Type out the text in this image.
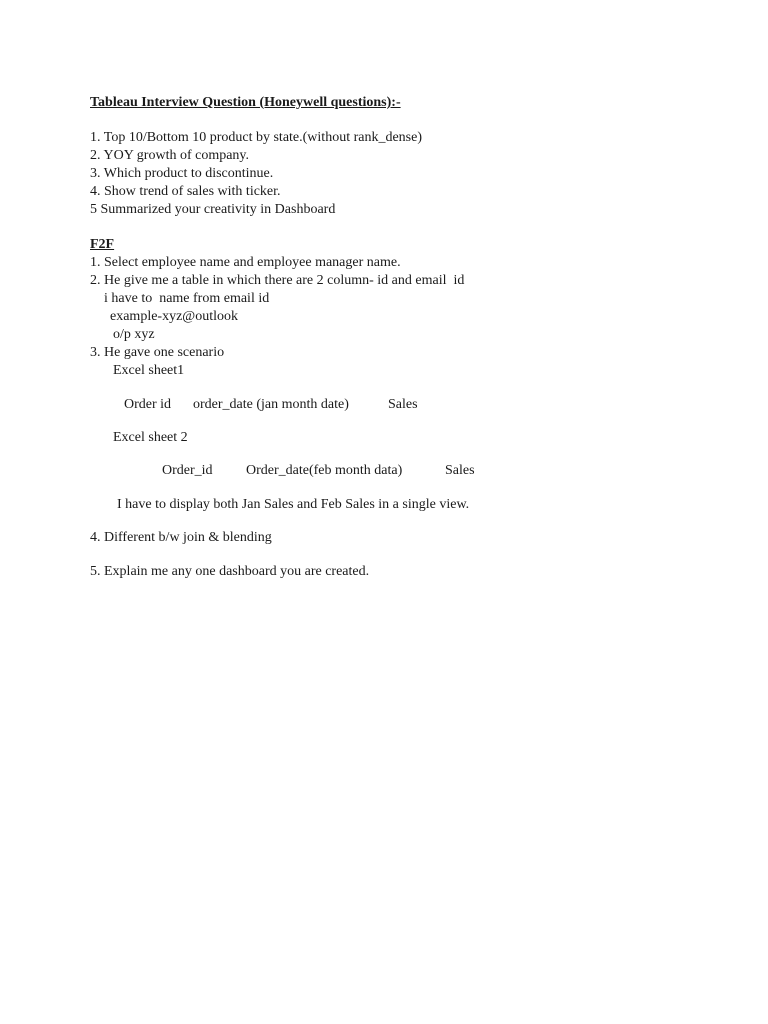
Tableau Interview Question (Honeywell questions):-

1. Top 10/Bottom 10 product by state.(without rank_dense)

2. YOY growth of company.

3. Which product to discontinue.

4. Show trend of sales with ticker.

5 Summarized your creativity in Dashboard

F2F

1. Select employee name and employee manager name.

2. He give me a table in which there are 2 column- id and email  id

i have to  name from email id

example-xyz@outlook

o/p xyz

3. He gave one scenario

Excel sheet1

Order id order_date (jan month date)	Sales

Excel sheet 2

Order_id Order_date(feb month data)	Sales

I have to display both Jan Sales and Feb Sales in a single view.

4. Different b/w join & blending

5. Explain me any one dashboard you are created.
